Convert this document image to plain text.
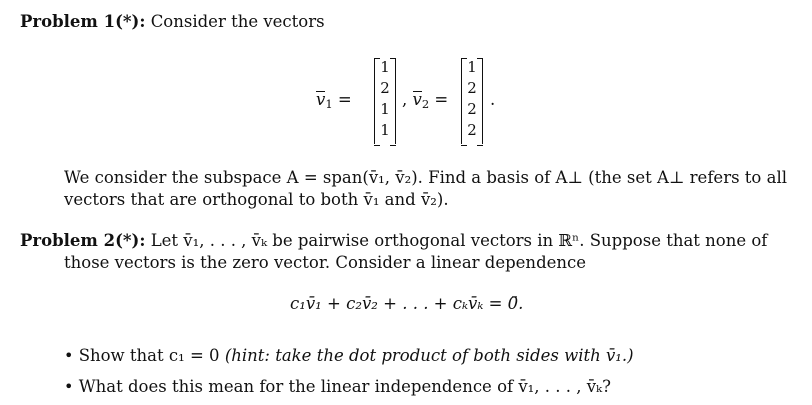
Problem 1(*): Consider the vectors
$v_1$ =
1
2
1
1
, $v_2$ =
1
2
2
2
.
We consider the subspace A = span(v̄₁, v̄₂). Find a basis of A⊥ (the set A⊥ refers to all
vectors that are orthogonal to both v̄₁ and v̄₂).
Problem 2(*): Let v̄₁, . . . , v̄ₖ be pairwise orthogonal vectors in ℝⁿ. Suppose that none of
those vectors is the zero vector. Consider a linear dependence
c₁v̄₁ + c₂v̄₂ + . . . + cₖv̄ₖ = 0̄.
• Show that c₁ = 0 (hint: take the dot product of both sides with v̄₁.)
• What does this mean for the linear independence of v̄₁, . . . , v̄ₖ?
